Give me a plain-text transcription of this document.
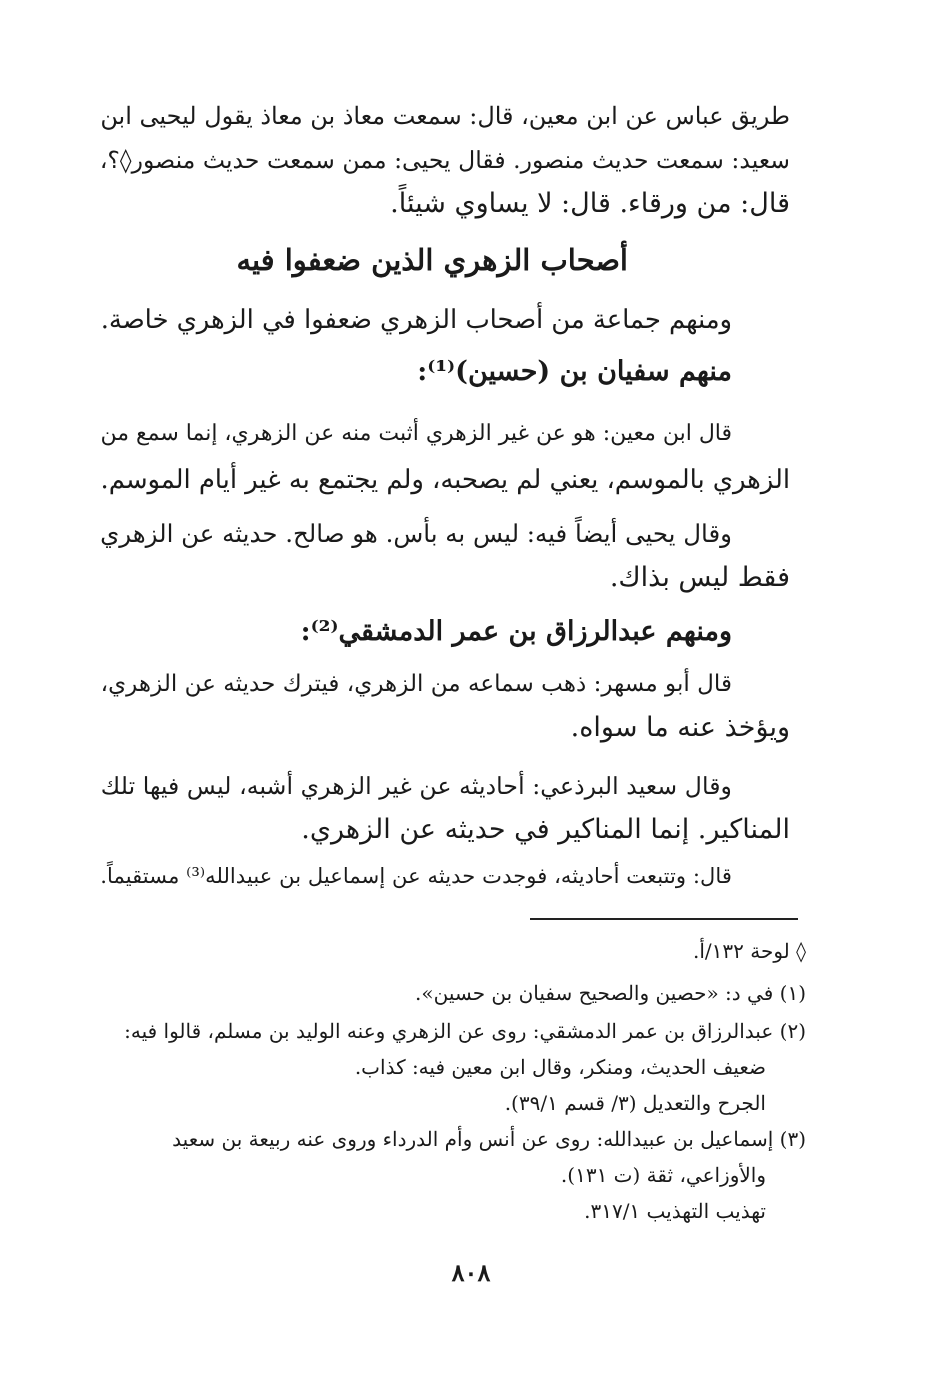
طريق عباس عن ابن معين، قال: سمعت معاذ بن معاذ يقول ليحيى ابن

سعيد: سمعت حديث منصور. فقال يحيى: ممن سمعت حديث منصور◊؟،

قال: من ورقاء. قال: لا يساوي شيئاً.

أصحاب الزهري الذين ضعفوا فيه

ومنهم جماعة من أصحاب الزهري ضعفوا في الزهري خاصة.

منهم سفيان بن (حسين)⁽¹⁾:

قال ابن معين: هو عن غير الزهري أثبت منه عن الزهري، إنما سمع من

الزهري بالموسم، يعني لم يصحبه، ولم يجتمع به غير أيام الموسم.

وقال يحيى أيضاً فيه: ليس به بأس. هو صالح. حديثه عن الزهري

فقط ليس بذاك.

ومنهم عبدالرزاق بن عمر الدمشقي⁽²⁾:

قال أبو مسهر: ذهب سماعه من الزهري، فيترك حديثه عن الزهري،

ويؤخذ عنه ما سواه.

وقال سعيد البرذعي: أحاديثه عن غير الزهري أشبه، ليس فيها تلك

المناكير. إنما المناكير في حديثه عن الزهري.

قال: وتتبعت أحاديثه، فوجدت حديثه عن إسماعيل بن عبيدالله⁽³⁾ مستقيماً.

◊ لوحة ١٣٢/أ.

(١) في د: «حصين والصحيح سفيان بن حسين».

(٢) عبدالرزاق بن عمر الدمشقي: روى عن الزهري وعنه الوليد بن مسلم، قالوا فيه:

ضعيف الحديث، ومنكر، وقال ابن معين فيه: كذاب.

الجرح والتعديل (٣/ قسم ٣٩/١).

(٣) إسماعيل بن عبيدالله: روى عن أنس وأم الدرداء وروى عنه ربيعة بن سعيد

والأوزاعي، ثقة (ت ١٣١).

تهذيب التهذيب ٣١٧/١.

٨٠٨
